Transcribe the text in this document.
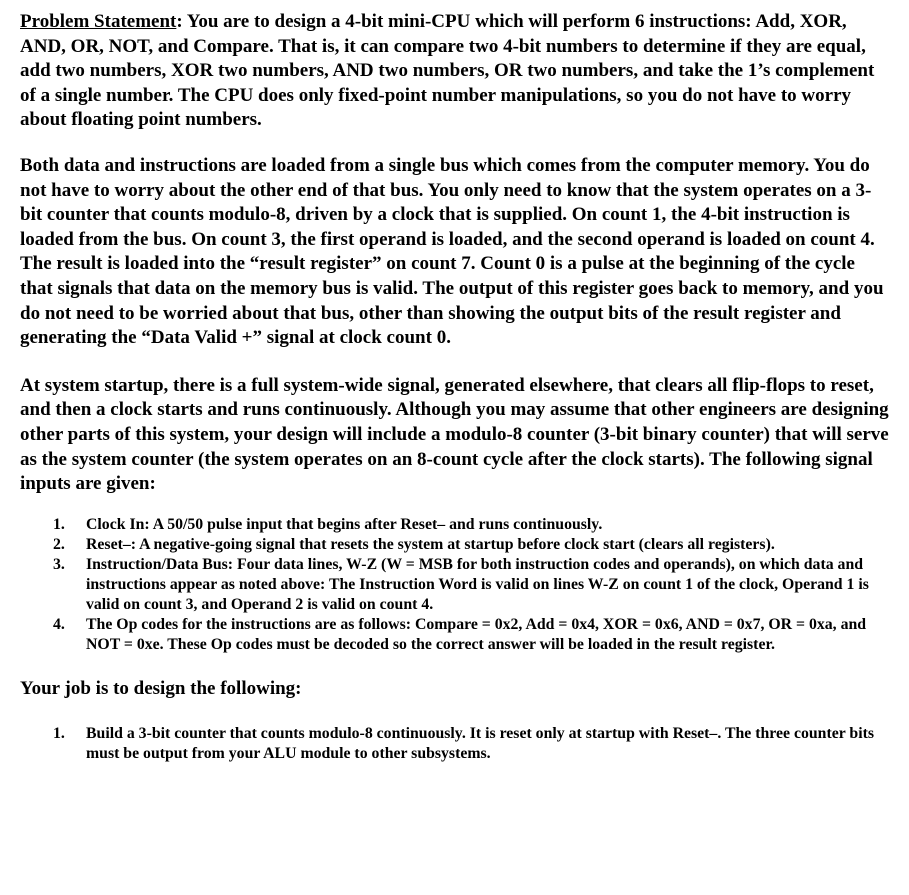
Problem Statement: You are to design a 4-bit mini-CPU which will perform 6 instructions: Add, XOR, AND, OR, NOT, and Compare. That is, it can compare two 4-bit numbers to determine if they are equal, add two numbers, XOR two numbers, AND two numbers, OR two numbers, and take the 1’s complement of a single number. The CPU does only fixed-point number manipulations, so you do not have to worry about floating point numbers.

Both data and instructions are loaded from a single bus which comes from the computer memory. You do not have to worry about the other end of that bus. You only need to know that the system operates on a 3-bit counter that counts modulo-8, driven by a clock that is supplied. On count 1, the 4-bit instruction is loaded from the bus. On count 3, the first operand is loaded, and the second operand is loaded on count 4. The result is loaded into the “result register” on count 7. Count 0 is a pulse at the beginning of the cycle that signals that data on the memory bus is valid. The output of this register goes back to memory, and you do not need to be worried about that bus, other than showing the output bits of the result register and generating the “Data Valid +” signal at clock count 0.

At system startup, there is a full system-wide signal, generated elsewhere, that clears all flip-flops to reset, and then a clock starts and runs continuously. Although you may assume that other engineers are designing other parts of this system, your design will include a modulo-8 counter (3-bit binary counter) that will serve as the system counter (the system operates on an 8-count cycle after the clock starts). The following signal inputs are given:

1. Clock In: A 50/50 pulse input that begins after Reset– and runs continuously.
2. Reset–: A negative-going signal that resets the system at startup before clock start (clears all registers).
3. Instruction/Data Bus: Four data lines, W-Z (W = MSB for both instruction codes and operands), on which data and instructions appear as noted above: The Instruction Word is valid on lines W-Z on count 1 of the clock, Operand 1 is valid on count 3, and Operand 2 is valid on count 4.
4. The Op codes for the instructions are as follows: Compare = 0x2, Add = 0x4, XOR = 0x6, AND = 0x7, OR = 0xa, and NOT = 0xe. These Op codes must be decoded so the correct answer will be loaded in the result register.

Your job is to design the following:

1. Build a 3-bit counter that counts modulo-8 continuously. It is reset only at startup with Reset–. The three counter bits must be output from your ALU module to other subsystems.
